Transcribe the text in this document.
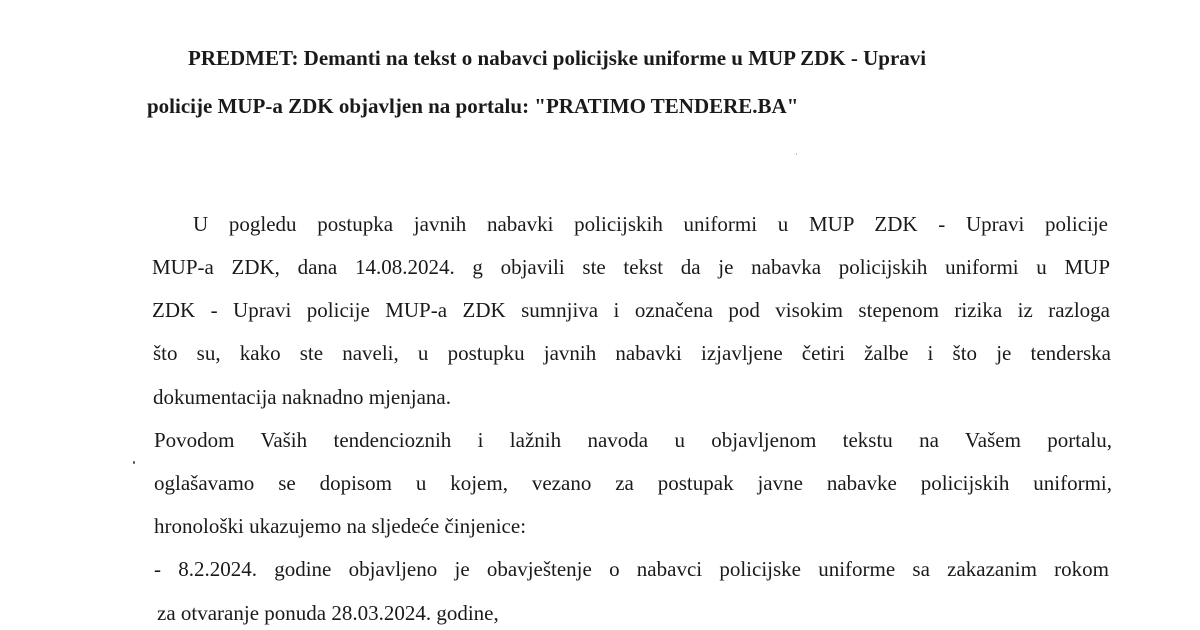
PREDMET: Demanti na tekst o nabavci policijske uniforme u MUP ZDK - Upravi
policije MUP-a ZDK objavljen na portalu: "PRATIMO TENDERE.BA"
U pogledu postupka javnih nabavki policijskih uniformi u MUP ZDK - Upravi policije
MUP-a ZDK, dana 14.08.2024. g objavili ste tekst da je nabavka policijskih uniformi u MUP
ZDK - Upravi policije MUP-a ZDK sumnjiva i označena pod visokim stepenom rizika iz razloga
što su, kako ste naveli, u postupku javnih nabavki izjavljene četiri žalbe i što je tenderska
dokumentacija naknadno mjenjana.
Povodom Vaših tendencioznih i lažnih navoda u objavljenom tekstu na Vašem portalu,
oglašavamo se dopisom u kojem, vezano za postupak javne nabavke policijskih uniformi,
hronološki ukazujemo na sljedeće činjenice:
- 8.2.2024. godine objavljeno je obavještenje o nabavci policijske uniforme sa zakazanim rokom
za otvaranje ponuda 28.03.2024. godine,
